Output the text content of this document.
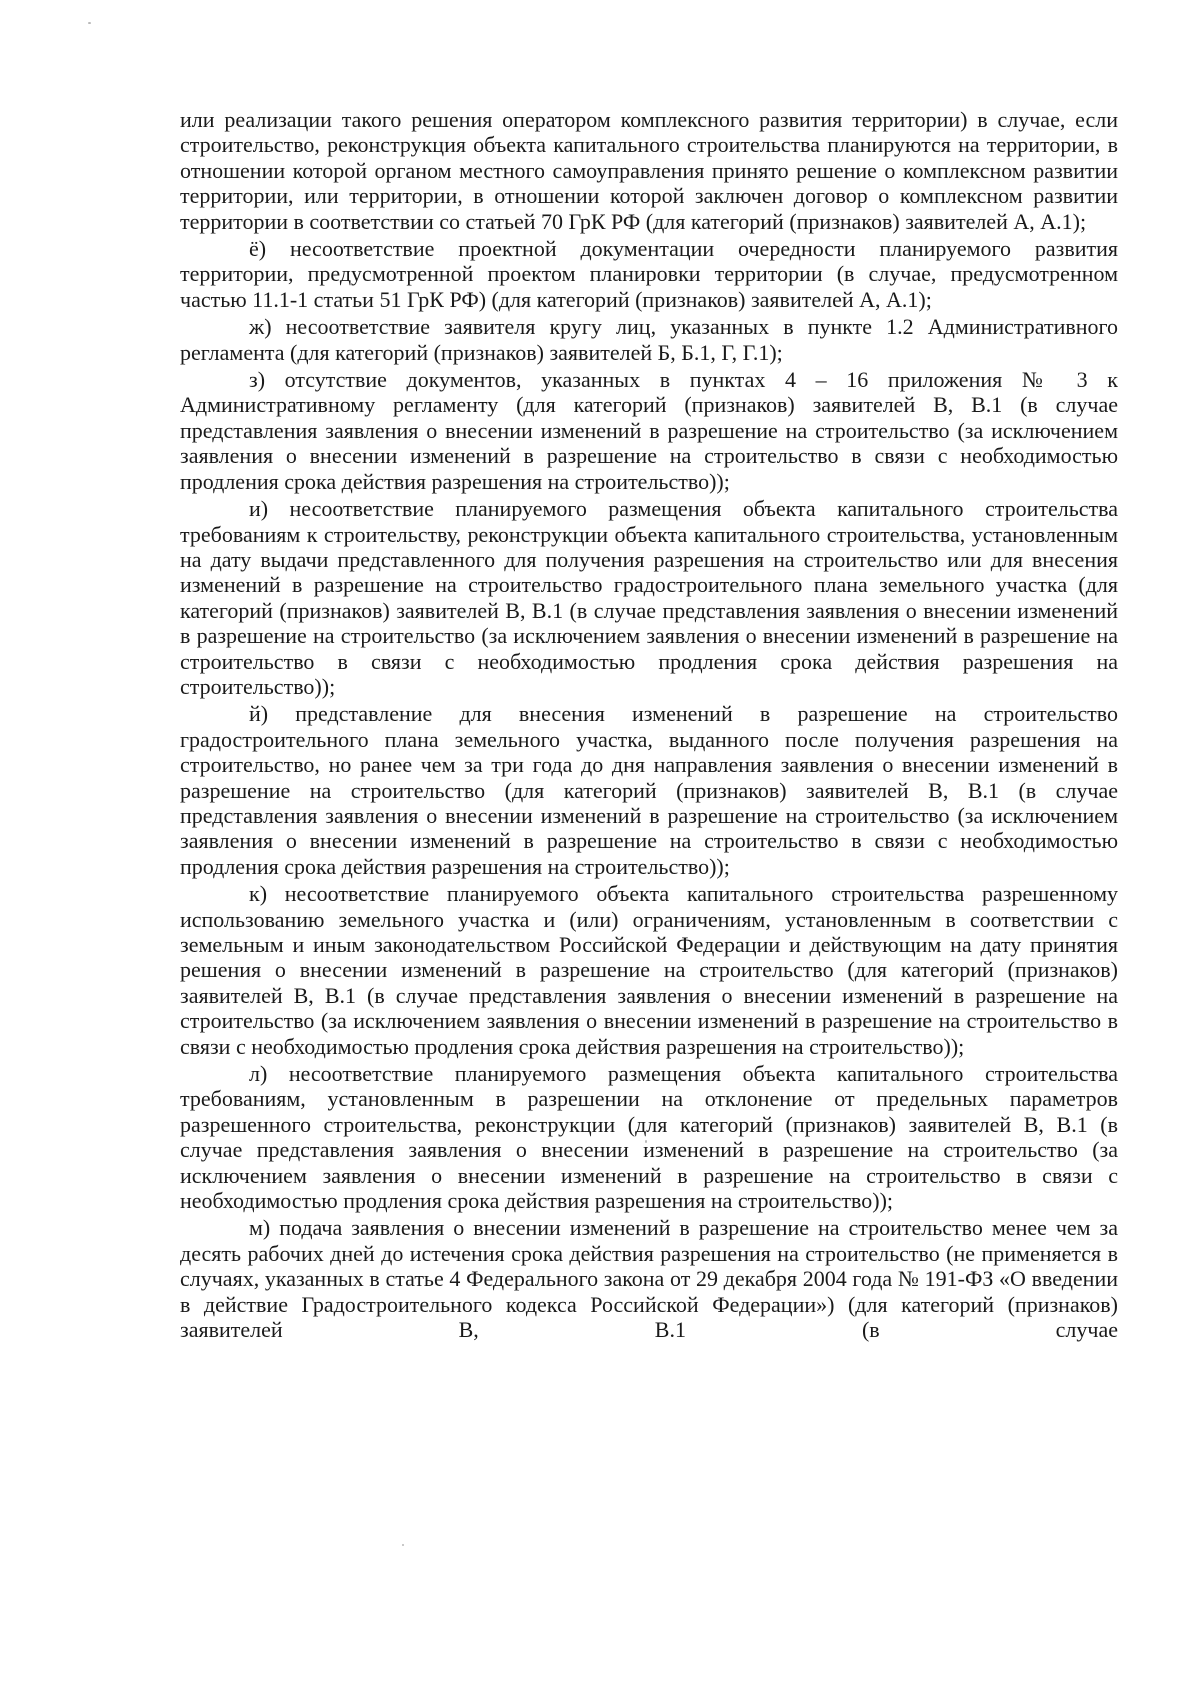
или реализации такого решения оператором комплексного развития территории) в случае, если строительство, реконструкция объекта капитального строительства планируются на территории, в отношении которой органом местного самоуправления принято решение о комплексном развитии территории, или территории, в отношении которой заключен договор о комплексном развитии территории в соответствии со статьей 70 ГрК РФ (для категорий (признаков) заявителей А, А.1);

ё) несоответствие проектной документации очередности планируемого развития территории, предусмотренной проектом планировки территории (в случае, предусмотренном частью 11.1-1 статьи 51 ГрК РФ) (для категорий (признаков) заявителей А, А.1);

ж) несоответствие заявителя кругу лиц, указанных в пункте 1.2 Административного регламента (для категорий (признаков) заявителей Б, Б.1, Г, Г.1);

з) отсутствие документов, указанных в пунктах 4 – 16 приложения № 3 к Административному регламенту (для категорий (признаков) заявителей В, В.1 (в случае представления заявления о внесении изменений в разрешение на строительство (за исключением заявления о внесении изменений в разрешение на строительство в связи с необходимостью продления срока действия разрешения на строительство));

и) несоответствие планируемого размещения объекта капитального строительства требованиям к строительству, реконструкции объекта капитального строительства, установленным на дату выдачи представленного для получения разрешения на строительство или для внесения изменений в разрешение на строительство градостроительного плана земельного участка (для категорий (признаков) заявителей В, В.1 (в случае представления заявления о внесении изменений в разрешение на строительство (за исключением заявления о внесении изменений в разрешение на строительство в связи с необходимостью продления срока действия разрешения на строительство));

й) представление для внесения изменений в разрешение на строительство градостроительного плана земельного участка, выданного после получения разрешения на строительство, но ранее чем за три года до дня направления заявления о внесении изменений в разрешение на строительство (для категорий (признаков) заявителей В, В.1 (в случае представления заявления о внесении изменений в разрешение на строительство (за исключением заявления о внесении изменений в разрешение на строительство в связи с необходимостью продления срока действия разрешения на строительство));

к) несоответствие планируемого объекта капитального строительства разрешенному использованию земельного участка и (или) ограничениям, установленным в соответствии с земельным и иным законодательством Российской Федерации и действующим на дату принятия решения о внесении изменений в разрешение на строительство (для категорий (признаков) заявителей В, В.1 (в случае представления заявления о внесении изменений в разрешение на строительство (за исключением заявления о внесении изменений в разрешение на строительство в связи с необходимостью продления срока действия разрешения на строительство));

л) несоответствие планируемого размещения объекта капитального строительства требованиям, установленным в разрешении на отклонение от предельных параметров разрешенного строительства, реконструкции (для категорий (признаков) заявителей В, В.1 (в случае представления заявления о внесении изменений в разрешение на строительство (за исключением заявления о внесении изменений в разрешение на строительство в связи с необходимостью продления срока действия разрешения на строительство));

м) подача заявления о внесении изменений в разрешение на строительство менее чем за десять рабочих дней до истечения срока действия разрешения на строительство (не применяется в случаях, указанных в статье 4 Федерального закона от 29 декабря 2004 года № 191-ФЗ «О введении в действие Градостроительного кодекса Российской Федерации») (для категорий (признаков) заявителей В, В.1 (в случае
